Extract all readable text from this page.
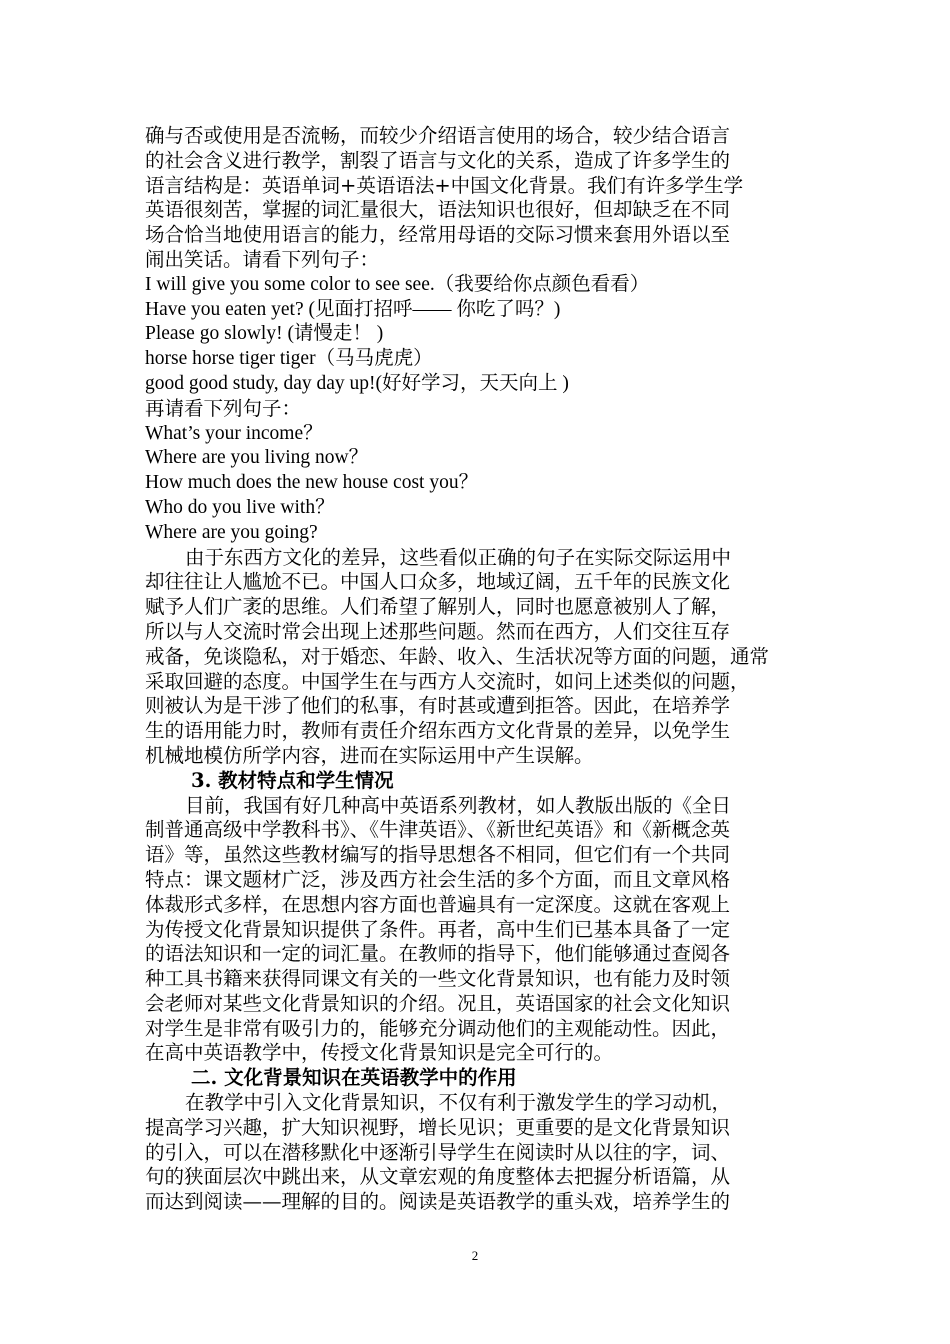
确与否或使用是否流畅，而较少介绍语言使用的场合，较少结合语言
的社会含义进行教学，割裂了语言与文化的关系，造成了许多学生的
语言结构是：英语单词+英语语法+中国文化背景。我们有许多学生学
英语很刻苦，掌握的词汇量很大，语法知识也很好，但却缺乏在不同
场合恰当地使用语言的能力，经常用母语的交际习惯来套用外语以至
闹出笑话。请看下列句子：

I will give you some color to see see.（我要给你点颜色看看）
Have you eaten yet? (见面打招呼—— 你吃了吗？)
Please go slowly! (请慢走！ )
horse horse tiger tiger（马马虎虎）
good good study, day day up!(好好学习，天天向上 )

再请看下列句子：

What’s your income？
Where are you living now？
How much does the new house cost you？
Who do you live with？
Where are you going?

由于东西方文化的差异，这些看似正确的句子在实际交际运用中
却往往让人尴尬不已。中国人口众多，地域辽阔，五千年的民族文化
赋予人们广袤的思维。人们希望了解别人，同时也愿意被别人了解，
所以与人交流时常会出现上述那些问题。然而在西方，人们交往互存
戒备，免谈隐私，对于婚恋、年龄、收入、生活状况等方面的问题，通常
采取回避的态度。中国学生在与西方人交流时，如问上述类似的问题，
则被认为是干涉了他们的私事，有时甚或遭到拒答。因此，在培养学
生的语用能力时，教师有责任介绍东西方文化背景的差异，以免学生
机械地模仿所学内容，进而在实际运用中产生误解。

3. 教材特点和学生情况

目前，我国有好几种高中英语系列教材，如人教版出版的《全日
制普通高级中学教科书》、《牛津英语》、《新世纪英语》和《新概念英
语》等，虽然这些教材编写的指导思想各不相同，但它们有一个共同
特点：课文题材广泛，涉及西方社会生活的多个方面，而且文章风格
体裁形式多样，在思想内容方面也普遍具有一定深度。这就在客观上
为传授文化背景知识提供了条件。再者，高中生们已基本具备了一定
的语法知识和一定的词汇量。在教师的指导下，他们能够通过查阅各
种工具书籍来获得同课文有关的一些文化背景知识，也有能力及时领
会老师对某些文化背景知识的介绍。况且，英语国家的社会文化知识
对学生是非常有吸引力的，能够充分调动他们的主观能动性。因此，
在高中英语教学中，传授文化背景知识是完全可行的。

二. 文化背景知识在英语教学中的作用

在教学中引入文化背景知识，不仅有利于激发学生的学习动机，
提高学习兴趣，扩大知识视野，增长见识；更重要的是文化背景知识
的引入，可以在潜移默化中逐渐引导学生在阅读时从以往的字，词、
句的狭面层次中跳出来，从文章宏观的角度整体去把握分析语篇，从
而达到阅读——理解的目的。阅读是英语教学的重头戏，培养学生的

2
